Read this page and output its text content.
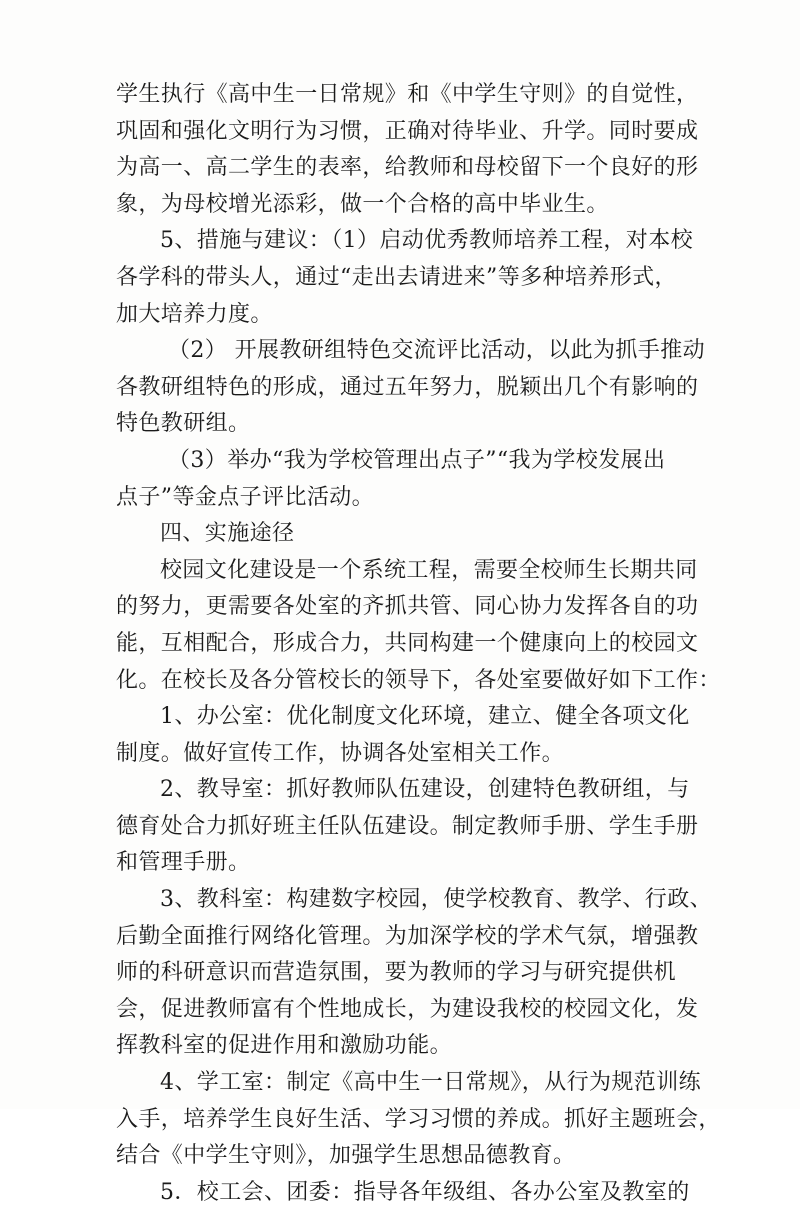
学生执行《高中生一日常规》和《中学生守则》的自觉性，
巩固和强化文明行为习惯，正确对待毕业、升学。同时要成
为高一、高二学生的表率，给教师和母校留下一个良好的形
象，为母校增光添彩，做一个合格的高中毕业生。
5、措施与建议：（1）启动优秀教师培养工程，对本校
各学科的带头人，通过“走出去请进来”等多种培养形式，
加大培养力度。
（2） 开展教研组特色交流评比活动，以此为抓手推动
各教研组特色的形成，通过五年努力，脱颖出几个有影响的
特色教研组。
（3）举办“我为学校管理出点子”“我为学校发展出
点子”等金点子评比活动。
四、实施途径
校园文化建设是一个系统工程，需要全校师生长期共同
的努力，更需要各处室的齐抓共管、同心协力发挥各自的功
能，互相配合，形成合力，共同构建一个健康向上的校园文
化。在校长及各分管校长的领导下，各处室要做好如下工作：
1、办公室：优化制度文化环境，建立、健全各项文化
制度。做好宣传工作，协调各处室相关工作。
2、教导室：抓好教师队伍建设，创建特色教研组，与
德育处合力抓好班主任队伍建设。制定教师手册、学生手册
和管理手册。
3、教科室：构建数字校园，使学校教育、教学、行政、
后勤全面推行网络化管理。为加深学校的学术气氛，增强教
师的科研意识而营造氛围，要为教师的学习与研究提供机
会，促进教师富有个性地成长，为建设我校的校园文化，发
挥教科室的促进作用和激励功能。
4、学工室：制定《高中生一日常规》，从行为规范训练
入手，培养学生良好生活、学习习惯的养成。抓好主题班会，
结合《中学生守则》，加强学生思想品德教育。
5．校工会、团委：指导各年级组、各办公室及教室的
